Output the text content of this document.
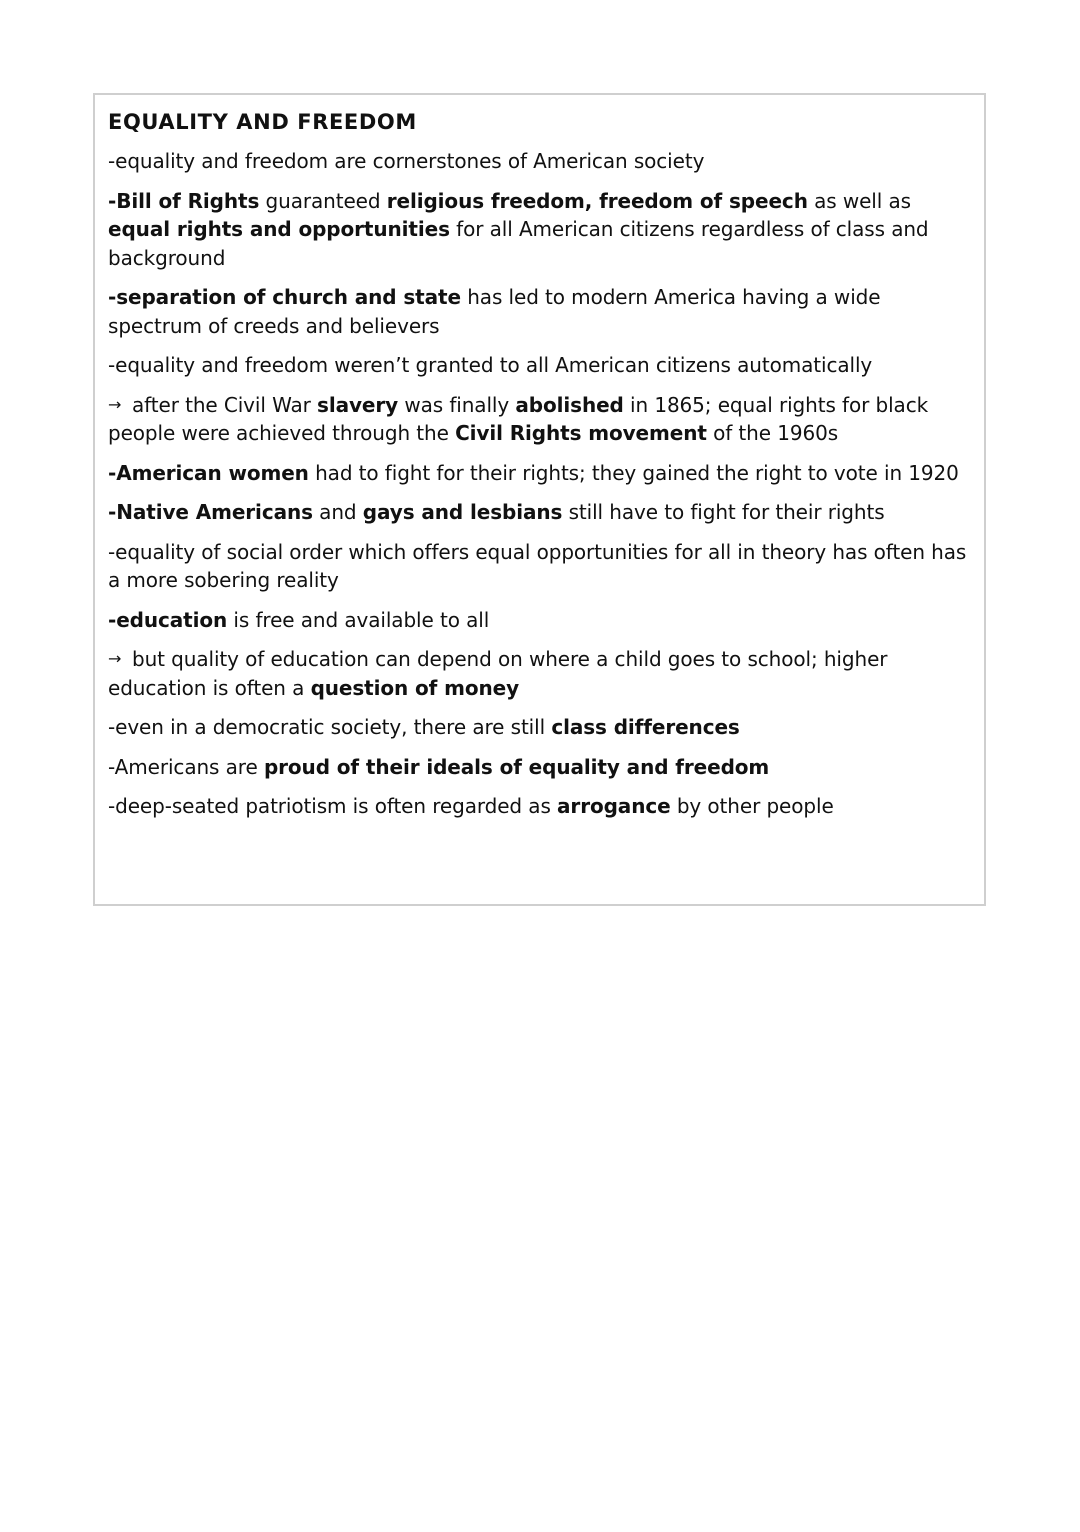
EQUALITY AND FREEDOM

-equality and freedom are cornerstones of American society

-Bill of Rights guaranteed religious freedom, freedom of speech as well as equal rights and opportunities for all American citizens regardless of class and background

-separation of church and state has led to modern America having a wide spectrum of creeds and believers

-equality and freedom weren’t granted to all American citizens automatically

→ after the Civil War slavery was finally abolished in 1865; equal rights for black people were achieved through the Civil Rights movement of the 1960s

-American women had to fight for their rights; they gained the right to vote in 1920

-Native Americans and gays and lesbians still have to fight for their rights

-equality of social order which offers equal opportunities for all in theory has often has a more sobering reality

-education is free and available to all

→ but quality of education can depend on where a child goes to school; higher education is often a question of money

-even in a democratic society, there are still class differences

-Americans are proud of their ideals of equality and freedom

-deep-seated patriotism is often regarded as arrogance by other people
